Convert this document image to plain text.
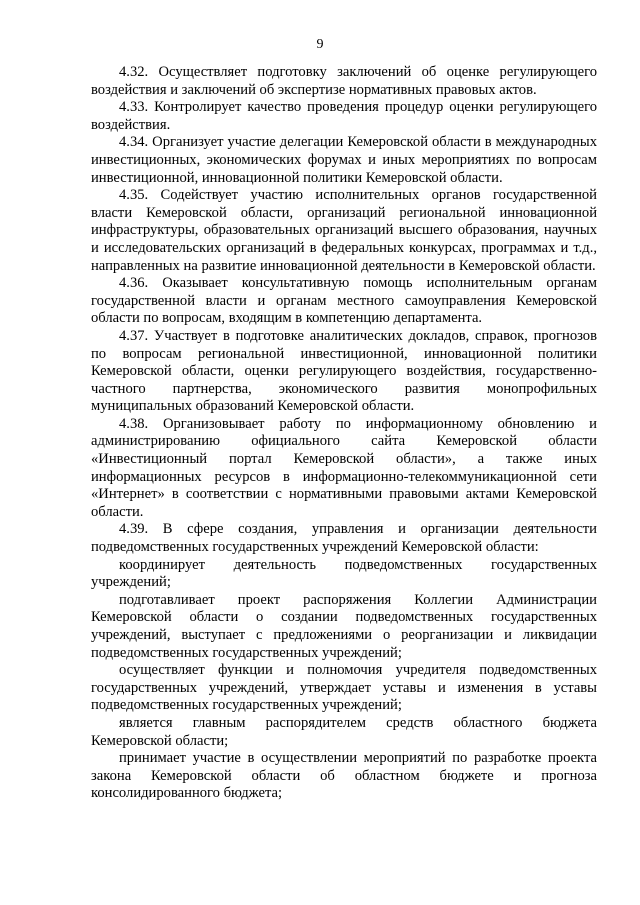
9

4.32. Осуществляет подготовку заключений об оценке регулирующего воздействия и заключений об экспертизе нормативных правовых актов.

4.33. Контролирует качество проведения процедур оценки регулирующего воздействия.

4.34. Организует участие делегации Кемеровской области в международных инвестиционных, экономических форумах и иных мероприятиях по вопросам инвестиционной, инновационной политики Кемеровской области.

4.35. Содействует участию исполнительных органов государственной власти Кемеровской области, организаций региональной инновационной инфраструктуры, образовательных организаций высшего образования, научных и исследовательских организаций в федеральных конкурсах, программах и т.д., направленных на развитие инновационной деятельности в Кемеровской области.

4.36. Оказывает консультативную помощь исполнительным органам государственной власти и органам местного самоуправления Кемеровской области по вопросам, входящим в компетенцию департамента.

4.37. Участвует в подготовке аналитических докладов, справок, прогнозов по вопросам региональной инвестиционной, инновационной политики Кемеровской области, оценки регулирующего воздействия, государственно-частного партнерства, экономического развития монопрофильных муниципальных образований Кемеровской области.

4.38. Организовывает работу по информационному обновлению и администрированию официального сайта Кемеровской области «Инвестиционный портал Кемеровской области», а также иных информационных ресурсов в информационно-телекоммуникационной сети «Интернет» в соответствии с нормативными правовыми актами Кемеровской области.

4.39. В сфере создания, управления и организации деятельности подведомственных государственных учреждений Кемеровской области:

координирует деятельность подведомственных государственных учреждений;

подготавливает проект распоряжения Коллегии Администрации Кемеровской области о создании подведомственных государственных учреждений, выступает с предложениями о реорганизации и ликвидации подведомственных государственных учреждений;

осуществляет функции и полномочия учредителя подведомственных государственных учреждений, утверждает уставы и изменения в уставы подведомственных государственных учреждений;

является главным распорядителем средств областного бюджета Кемеровской области;

принимает участие в осуществлении мероприятий по разработке проекта закона Кемеровской области об областном бюджете и прогноза консолидированного бюджета;
